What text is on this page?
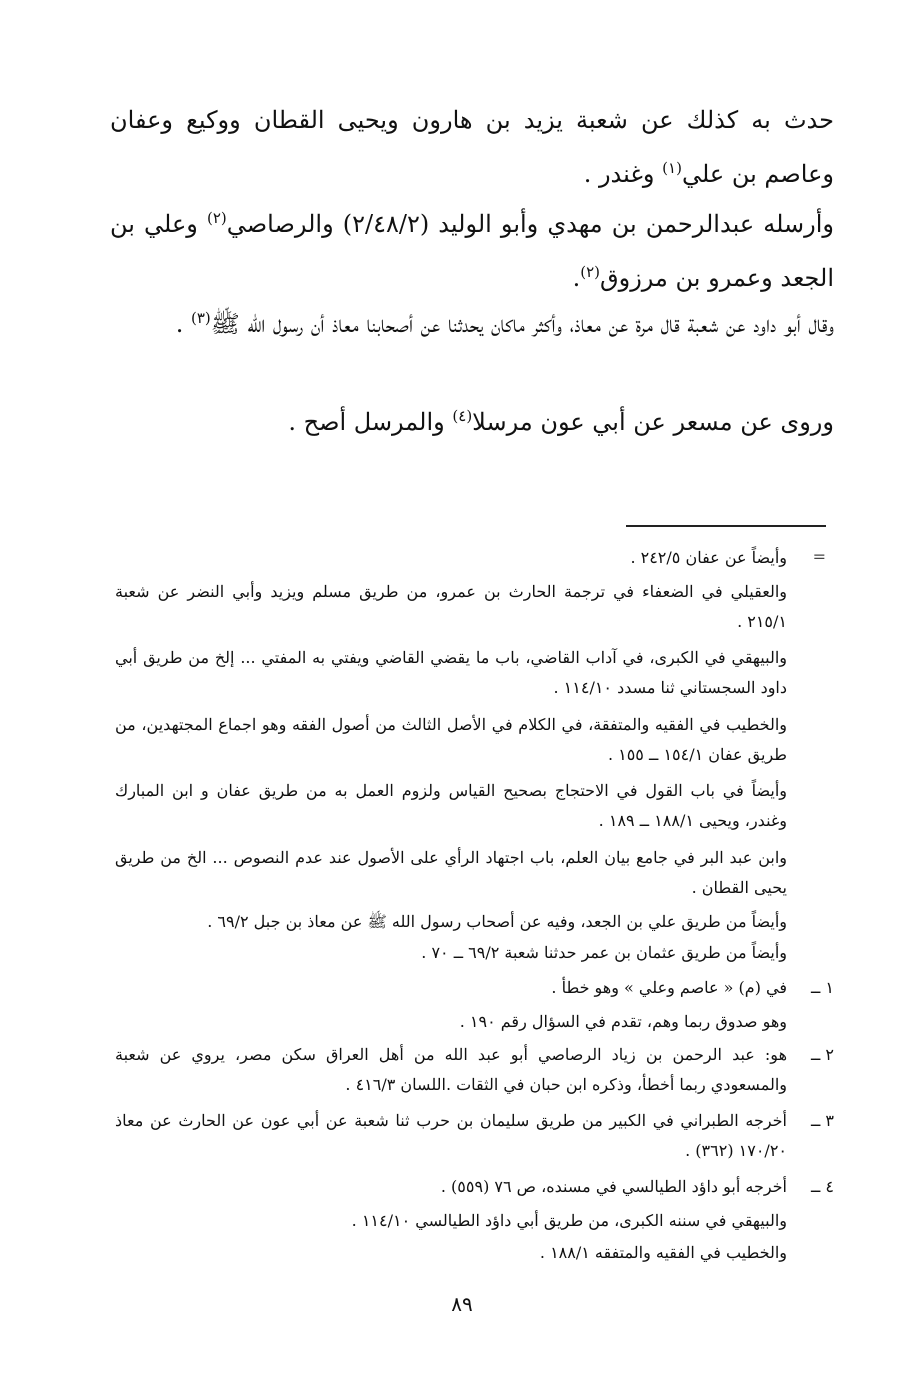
حدث به كذلك عن شعبة يزيد بن هارون ويحيى القطان ووكيع وعفان وعاصم بن علي$^{(١)}$ وغندر .
وأرسله عبدالرحمن بن مهدي وأبو الوليد (٢/٤٨/٢) والرصاصي$^{(٢)}$ وعلي بن الجعد وعمرو بن مرزوق$^{(٢)}$.
وقال أبو داود عن شعبة قال مرة عن معاذ، وأكثر ماكان يحدثنا عن أصحابنا معاذ أن رسول الله ﷺ$^{(٣)}$ .
وروى عن مسعر عن أبي عون مرسلا$^{(٤)}$ والمرسل أصح .
=
وأيضاً عن عفان ٢٤٢/٥ .
والعقيلي في الضعفاء في ترجمة الحارث بن عمرو، من طريق مسلم ويزيد وأبي النضر عن شعبة ٢١٥/١ .
والبيهقي في الكبرى، في آداب القاضي، باب ما يقضي القاضي ويفتي به المفتي ... إلخ من طريق أبي داود السجستاني ثنا مسدد ١١٤/١٠ .
والخطيب في الفقيه والمتفقة، في الكلام في الأصل الثالث من أصول الفقه وهو اجماع المجتهدين، من طريق عفان ١٥٤/١ ــ ١٥٥ .
وأيضاً في باب القول في الاحتجاج بصحيح القياس ولزوم العمل به من طريق عفان و ابن المبارك وغندر، ويحيى ١٨٨/١ ــ ١٨٩ .
وابن عبد البر في جامع بيان العلم، باب اجتهاد الرأي على الأصول عند عدم النصوص ... الخ من طريق يحيى القطان .
وأيضاً من طريق علي بن الجعد، وفيه عن أصحاب رسول الله ﷺ عن معاذ بن جبل ٦٩/٢ .
وأيضاً من طريق عثمان بن عمر حدثنا شعبة ٦٩/٢ ــ ٧٠ .
١ ــ
في (م) « عاصم وعلي » وهو خطأ .
وهو صدوق ربما وهم، تقدم في السؤال رقم ١٩٠ .
٢ ــ
هو: عبد الرحمن بن زياد الرصاصي أبو عبد الله من أهل العراق سكن مصر، يروي عن شعبة والمسعودي ربما أخطأ، وذكره ابن حبان في الثقات .اللسان ٤١٦/٣ .
٣ ــ
أخرجه الطبراني في الكبير من طريق سليمان بن حرب ثنا شعبة عن أبي عون عن الحارث عن معاذ ١٧٠/٢٠ (٣٦٢) .
٤ ــ
أخرجه أبو داؤد الطيالسي في مسنده، ص ٧٦ (٥٥٩) .
والبيهقي في سننه الكبرى، من طريق أبي داؤد الطيالسي ١١٤/١٠ .
والخطيب في الفقيه والمتفقه ١٨٨/١ .
٨٩
